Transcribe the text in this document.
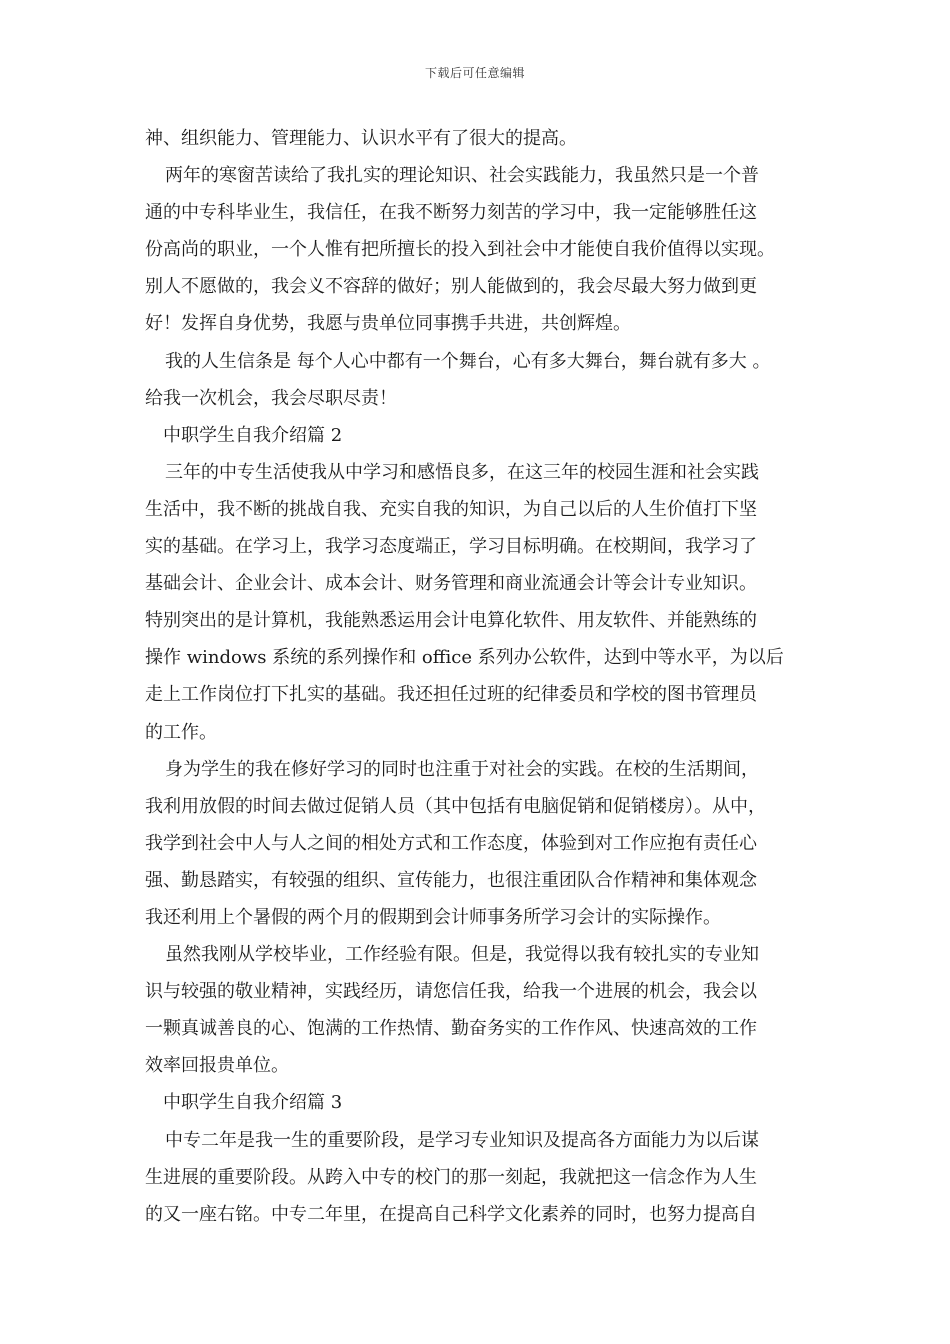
下载后可任意编辑
神、组织能力、管理能力、认识水平有了很大的提高。
两年的寒窗苦读给了我扎实的理论知识、社会实践能力，我虽然只是一个普
通的中专科毕业生，我信任，在我不断努力刻苦的学习中，我一定能够胜任这
份高尚的职业，一个人惟有把所擅长的投入到社会中才能使自我价值得以实现。
别人不愿做的，我会义不容辞的做好；别人能做到的，我会尽最大努力做到更
好！发挥自身优势，我愿与贵单位同事携手共进，共创辉煌。
我的人生信条是 每个人心中都有一个舞台，心有多大舞台，舞台就有多大 。
给我一次机会，我会尽职尽责！
中职学生自我介绍篇 2
三年的中专生活使我从中学习和感悟良多，在这三年的校园生涯和社会实践
生活中，我不断的挑战自我、充实自我的知识，为自己以后的人生价值打下坚
实的基础。在学习上，我学习态度端正，学习目标明确。在校期间，我学习了
基础会计、企业会计、成本会计、财务管理和商业流通会计等会计专业知识。
特别突出的是计算机，我能熟悉运用会计电算化软件、用友软件、并能熟练的
操作 windows 系统的系列操作和 office 系列办公软件，达到中等水平，为以后
走上工作岗位打下扎实的基础。我还担任过班的纪律委员和学校的图书管理员
的工作。
身为学生的我在修好学习的同时也注重于对社会的实践。在校的生活期间，
我利用放假的时间去做过促销人员（其中包括有电脑促销和促销楼房）。从中，
我学到社会中人与人之间的相处方式和工作态度，体验到对工作应抱有责任心
强、勤恳踏实，有较强的组织、宣传能力，也很注重团队合作精神和集体观念
我还利用上个暑假的两个月的假期到会计师事务所学习会计的实际操作。
虽然我刚从学校毕业，工作经验有限。但是，我觉得以我有较扎实的专业知
识与较强的敬业精神，实践经历，请您信任我，给我一个进展的机会，我会以
一颗真诚善良的心、饱满的工作热情、勤奋务实的工作作风、快速高效的工作
效率回报贵单位。
中职学生自我介绍篇 3
中专二年是我一生的重要阶段，是学习专业知识及提高各方面能力为以后谋
生进展的重要阶段。从跨入中专的校门的那一刻起，我就把这一信念作为人生
的又一座右铭。中专二年里，在提高自己科学文化素养的同时，也努力提高自
